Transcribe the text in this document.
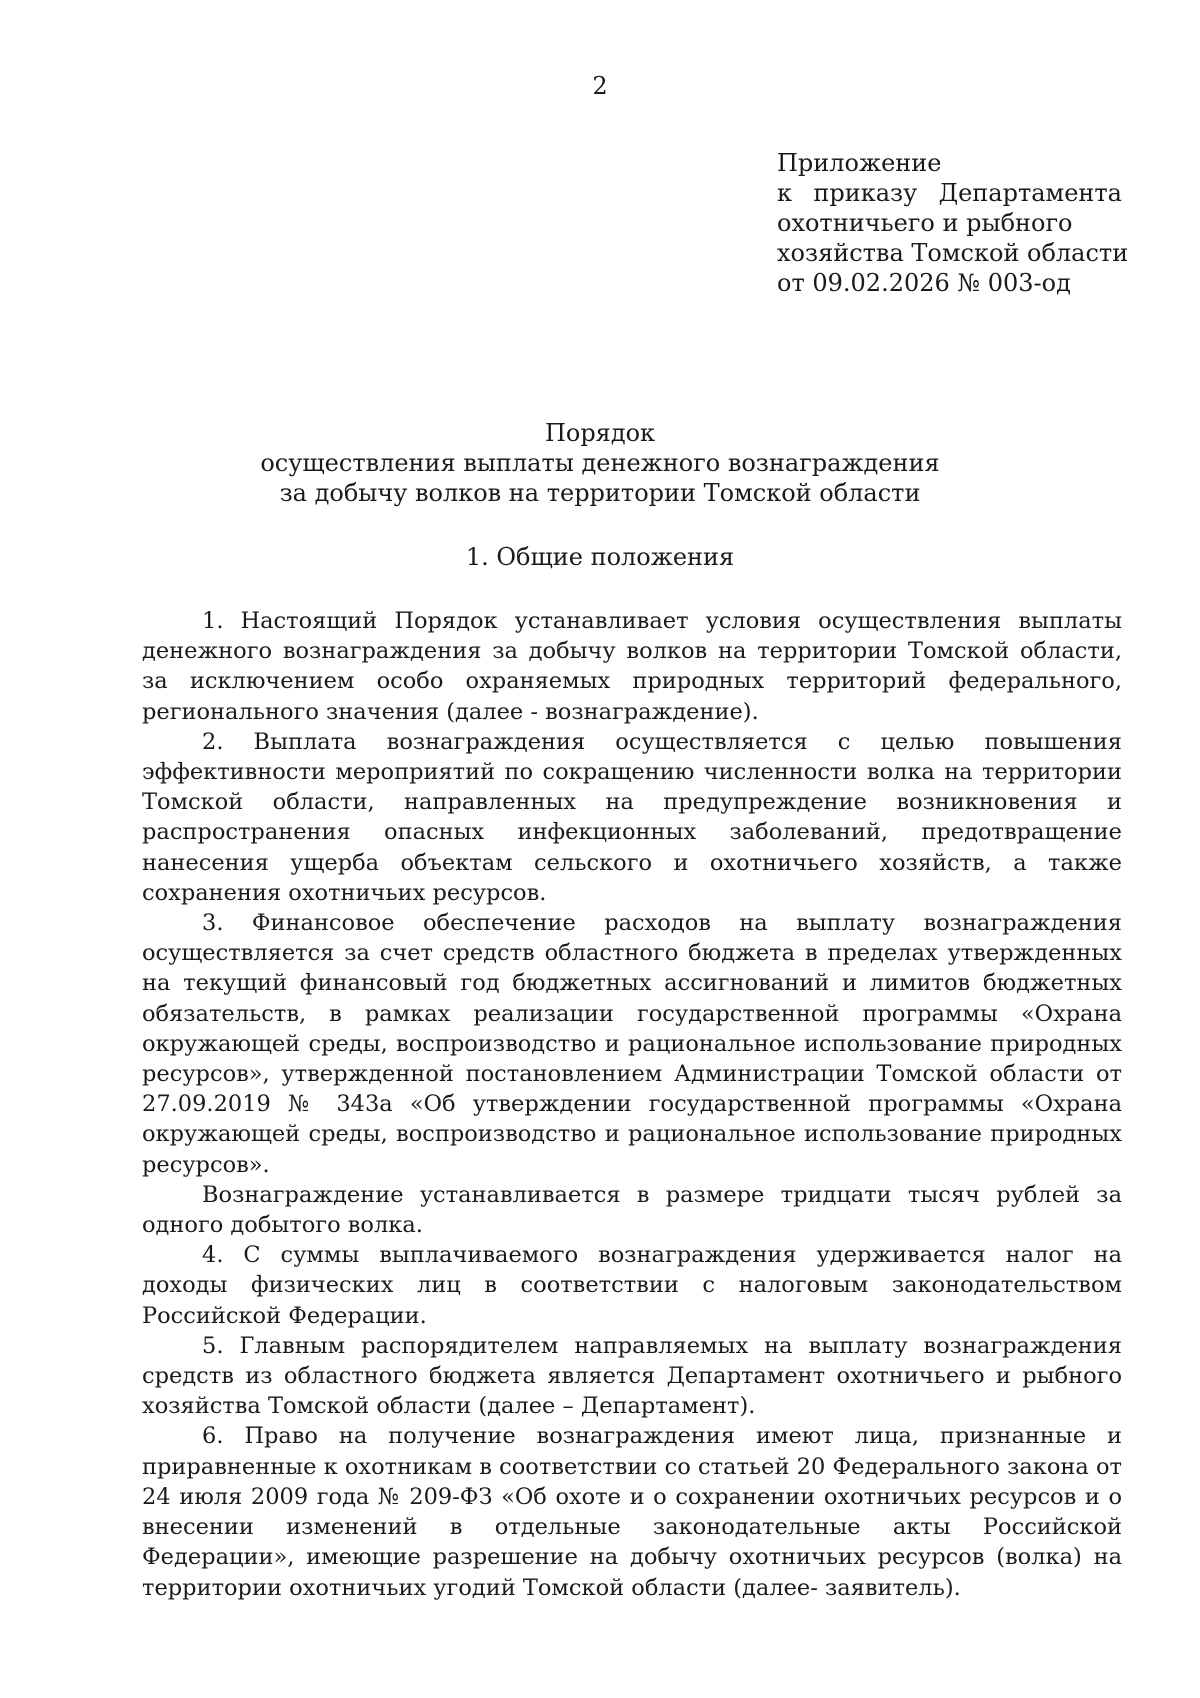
2
Приложение
к приказу Департамента
охотничьего и рыбного
хозяйства Томской области
от 09.02.2026 № 003-од
Порядок
осуществления выплаты денежного вознаграждения
за добычу волков на территории Томской области
1. Общие положения

1. Настоящий Порядок устанавливает условия осуществления выплаты денежного вознаграждения за добычу волков на территории Томской области, за исключением особо охраняемых природных территорий федерального, регионального значения (далее - вознаграждение).

2. Выплата вознаграждения осуществляется с целью повышения эффективности мероприятий по сокращению численности волка на территории Томской области, направленных на предупреждение возникновения и распространения опасных инфекционных заболеваний, предотвращение нанесения ущерба объектам сельского и охотничьего хозяйств, а также сохранения охотничьих ресурсов.

3. Финансовое обеспечение расходов на выплату вознаграждения осуществляется за счет средств областного бюджета в пределах утвержденных на текущий финансовый год бюджетных ассигнований и лимитов бюджетных обязательств, в рамках реализации государственной программы «Охрана окружающей среды, воспроизводство и рациональное использование природных ресурсов», утвержденной постановлением Администрации Томской области от 27.09.2019 № 343а «Об утверждении государственной программы «Охрана окружающей среды, воспроизводство и рациональное использование природных ресурсов».

Вознаграждение устанавливается в размере тридцати тысяч рублей за одного добытого волка.

4. С суммы выплачиваемого вознаграждения удерживается налог на доходы физических лиц в соответствии с налоговым законодательством Российской Федерации.

5. Главным распорядителем направляемых на выплату вознаграждения средств из областного бюджета является Департамент охотничьего и рыбного хозяйства Томской области (далее – Департамент).

6. Право на получение вознаграждения имеют лица, признанные и приравненные к охотникам в соответствии со статьей 20 Федерального закона от 24 июля 2009 года № 209-ФЗ «Об охоте и о сохранении охотничьих ресурсов и о внесении изменений в отдельные законодательные акты Российской Федерации», имеющие разрешение на добычу охотничьих ресурсов (волка) на территории охотничьих угодий Томской области (далее- заявитель).
